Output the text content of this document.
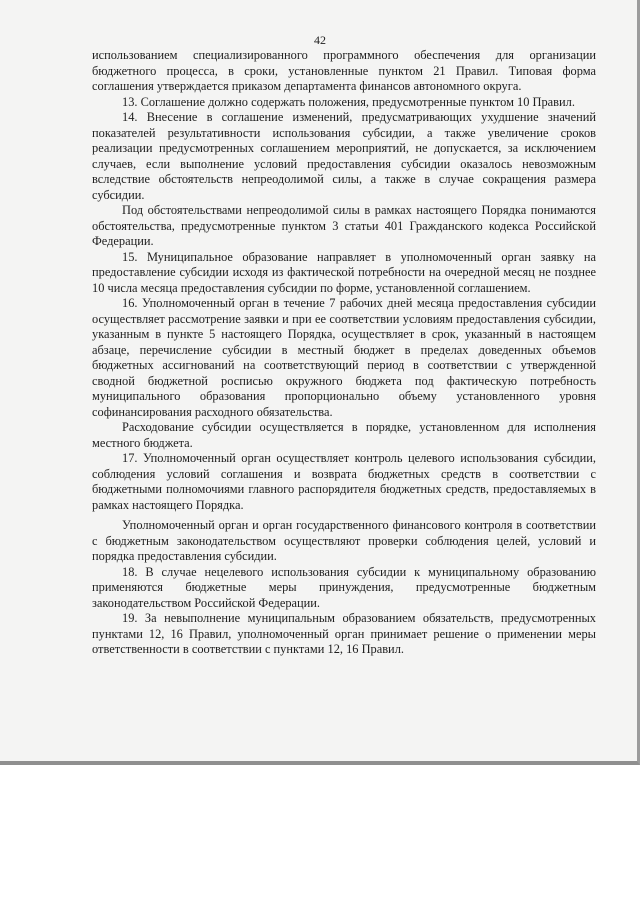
42

использованием специализированного программного обеспечения для организации бюджетного процесса, в сроки, установленные пунктом 21 Правил. Типовая форма соглашения утверждается приказом департамента финансов автономного округа.

13. Соглашение должно содержать положения, предусмотренные пунктом 10 Правил.

14. Внесение в соглашение изменений, предусматривающих ухудшение значений показателей результативности использования субсидии, а также увеличение сроков реализации предусмотренных соглашением мероприятий, не допускается, за исключением случаев, если выполнение условий предоставления субсидии оказалось невозможным вследствие обстоятельств непреодолимой силы, а также в случае сокращения размера субсидии.

Под обстоятельствами непреодолимой силы в рамках настоящего Порядка понимаются обстоятельства, предусмотренные пунктом 3 статьи 401 Гражданского кодекса Российской Федерации.

15. Муниципальное образование направляет в уполномоченный орган заявку на предоставление субсидии исходя из фактической потребности на очередной месяц не позднее 10 числа месяца предоставления субсидии по форме, установленной соглашением.

16. Уполномоченный орган в течение 7 рабочих дней месяца предоставления субсидии осуществляет рассмотрение заявки и при ее соответствии условиям предоставления субсидии, указанным в пункте 5 настоящего Порядка, осуществляет в срок, указанный в настоящем абзаце, перечисление субсидии в местный бюджет в пределах доведенных объемов бюджетных ассигнований на соответствующий период в соответствии с утвержденной сводной бюджетной росписью окружного бюджета под фактическую потребность муниципального образования пропорционально объему установленного уровня софинансирования расходного обязательства.

Расходование субсидии осуществляется в порядке, установленном для исполнения местного бюджета.

17. Уполномоченный орган осуществляет контроль целевого использования субсидии, соблюдения условий соглашения и возврата бюджетных средств в соответствии с бюджетными полномочиями главного распорядителя бюджетных средств, предоставляемых в рамках настоящего Порядка.

Уполномоченный орган и орган государственного финансового контроля в соответствии с бюджетным законодательством осуществляют проверки соблюдения целей, условий и порядка предоставления субсидии.

18. В случае нецелевого использования субсидии к муниципальному образованию применяются бюджетные меры принуждения, предусмотренные бюджетным законодательством Российской Федерации.

19. За невыполнение муниципальным образованием обязательств, предусмотренных пунктами 12, 16 Правил, уполномоченный орган принимает решение о применении меры ответственности в соответствии с пунктами 12, 16 Правил.
